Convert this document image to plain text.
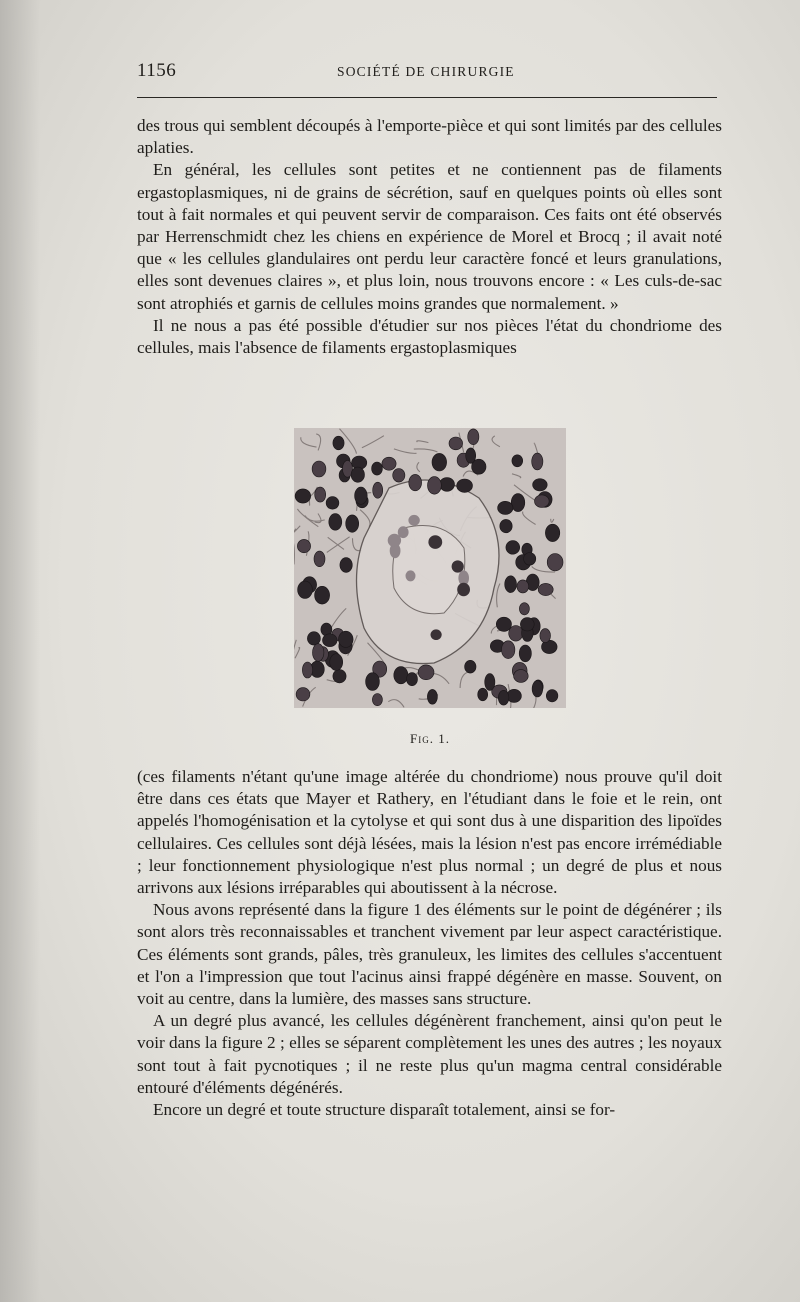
1156	SOCIÉTÉ DE CHIRURGIE

des trous qui semblent découpés à l'emporte-pièce et qui sont limités par des cellules aplaties.

En général, les cellules sont petites et ne contiennent pas de filaments ergastoplasmiques, ni de grains de sécrétion, sauf en quelques points où elles sont tout à fait normales et qui peuvent servir de comparaison. Ces faits ont été observés par Herrenschmidt chez les chiens en expérience de Morel et Brocq ; il avait noté que « les cellules glandulaires ont perdu leur caractère foncé et leurs granulations, elles sont devenues claires », et plus loin, nous trouvons encore : « Les culs-de-sac sont atrophiés et garnis de cellules moins grandes que normalement. »

Il ne nous a pas été possible d'étudier sur nos pièces l'état du chondriome des cellules, mais l'absence de filaments ergastoplasmiques

Fig. 1.

(ces filaments n'étant qu'une image altérée du chondriome) nous prouve qu'il doit être dans ces états que Mayer et Rathery, en l'étudiant dans le foie et le rein, ont appelés l'homogénisation et la cytolyse et qui sont dus à une disparition des lipoïdes cellulaires. Ces cellules sont déjà lésées, mais la lésion n'est pas encore irrémédiable ; leur fonctionnement physiologique n'est plus normal ; un degré de plus et nous arrivons aux lésions irréparables qui aboutissent à la nécrose.

Nous avons représenté dans la figure 1 des éléments sur le point de dégénérer ; ils sont alors très reconnaissables et tranchent vivement par leur aspect caractéristique. Ces éléments sont grands, pâles, très granuleux, les limites des cellules s'accentuent et l'on a l'impression que tout l'acinus ainsi frappé dégénère en masse. Souvent, on voit au centre, dans la lumière, des masses sans structure.

A un degré plus avancé, les cellules dégénèrent franchement, ainsi qu'on peut le voir dans la figure 2 ; elles se séparent complètement les unes des autres ; les noyaux sont tout à fait pycnotiques ; il ne reste plus qu'un magma central considérable entouré d'éléments dégénérés.

Encore un degré et toute structure disparaît totalement, ainsi se for-
